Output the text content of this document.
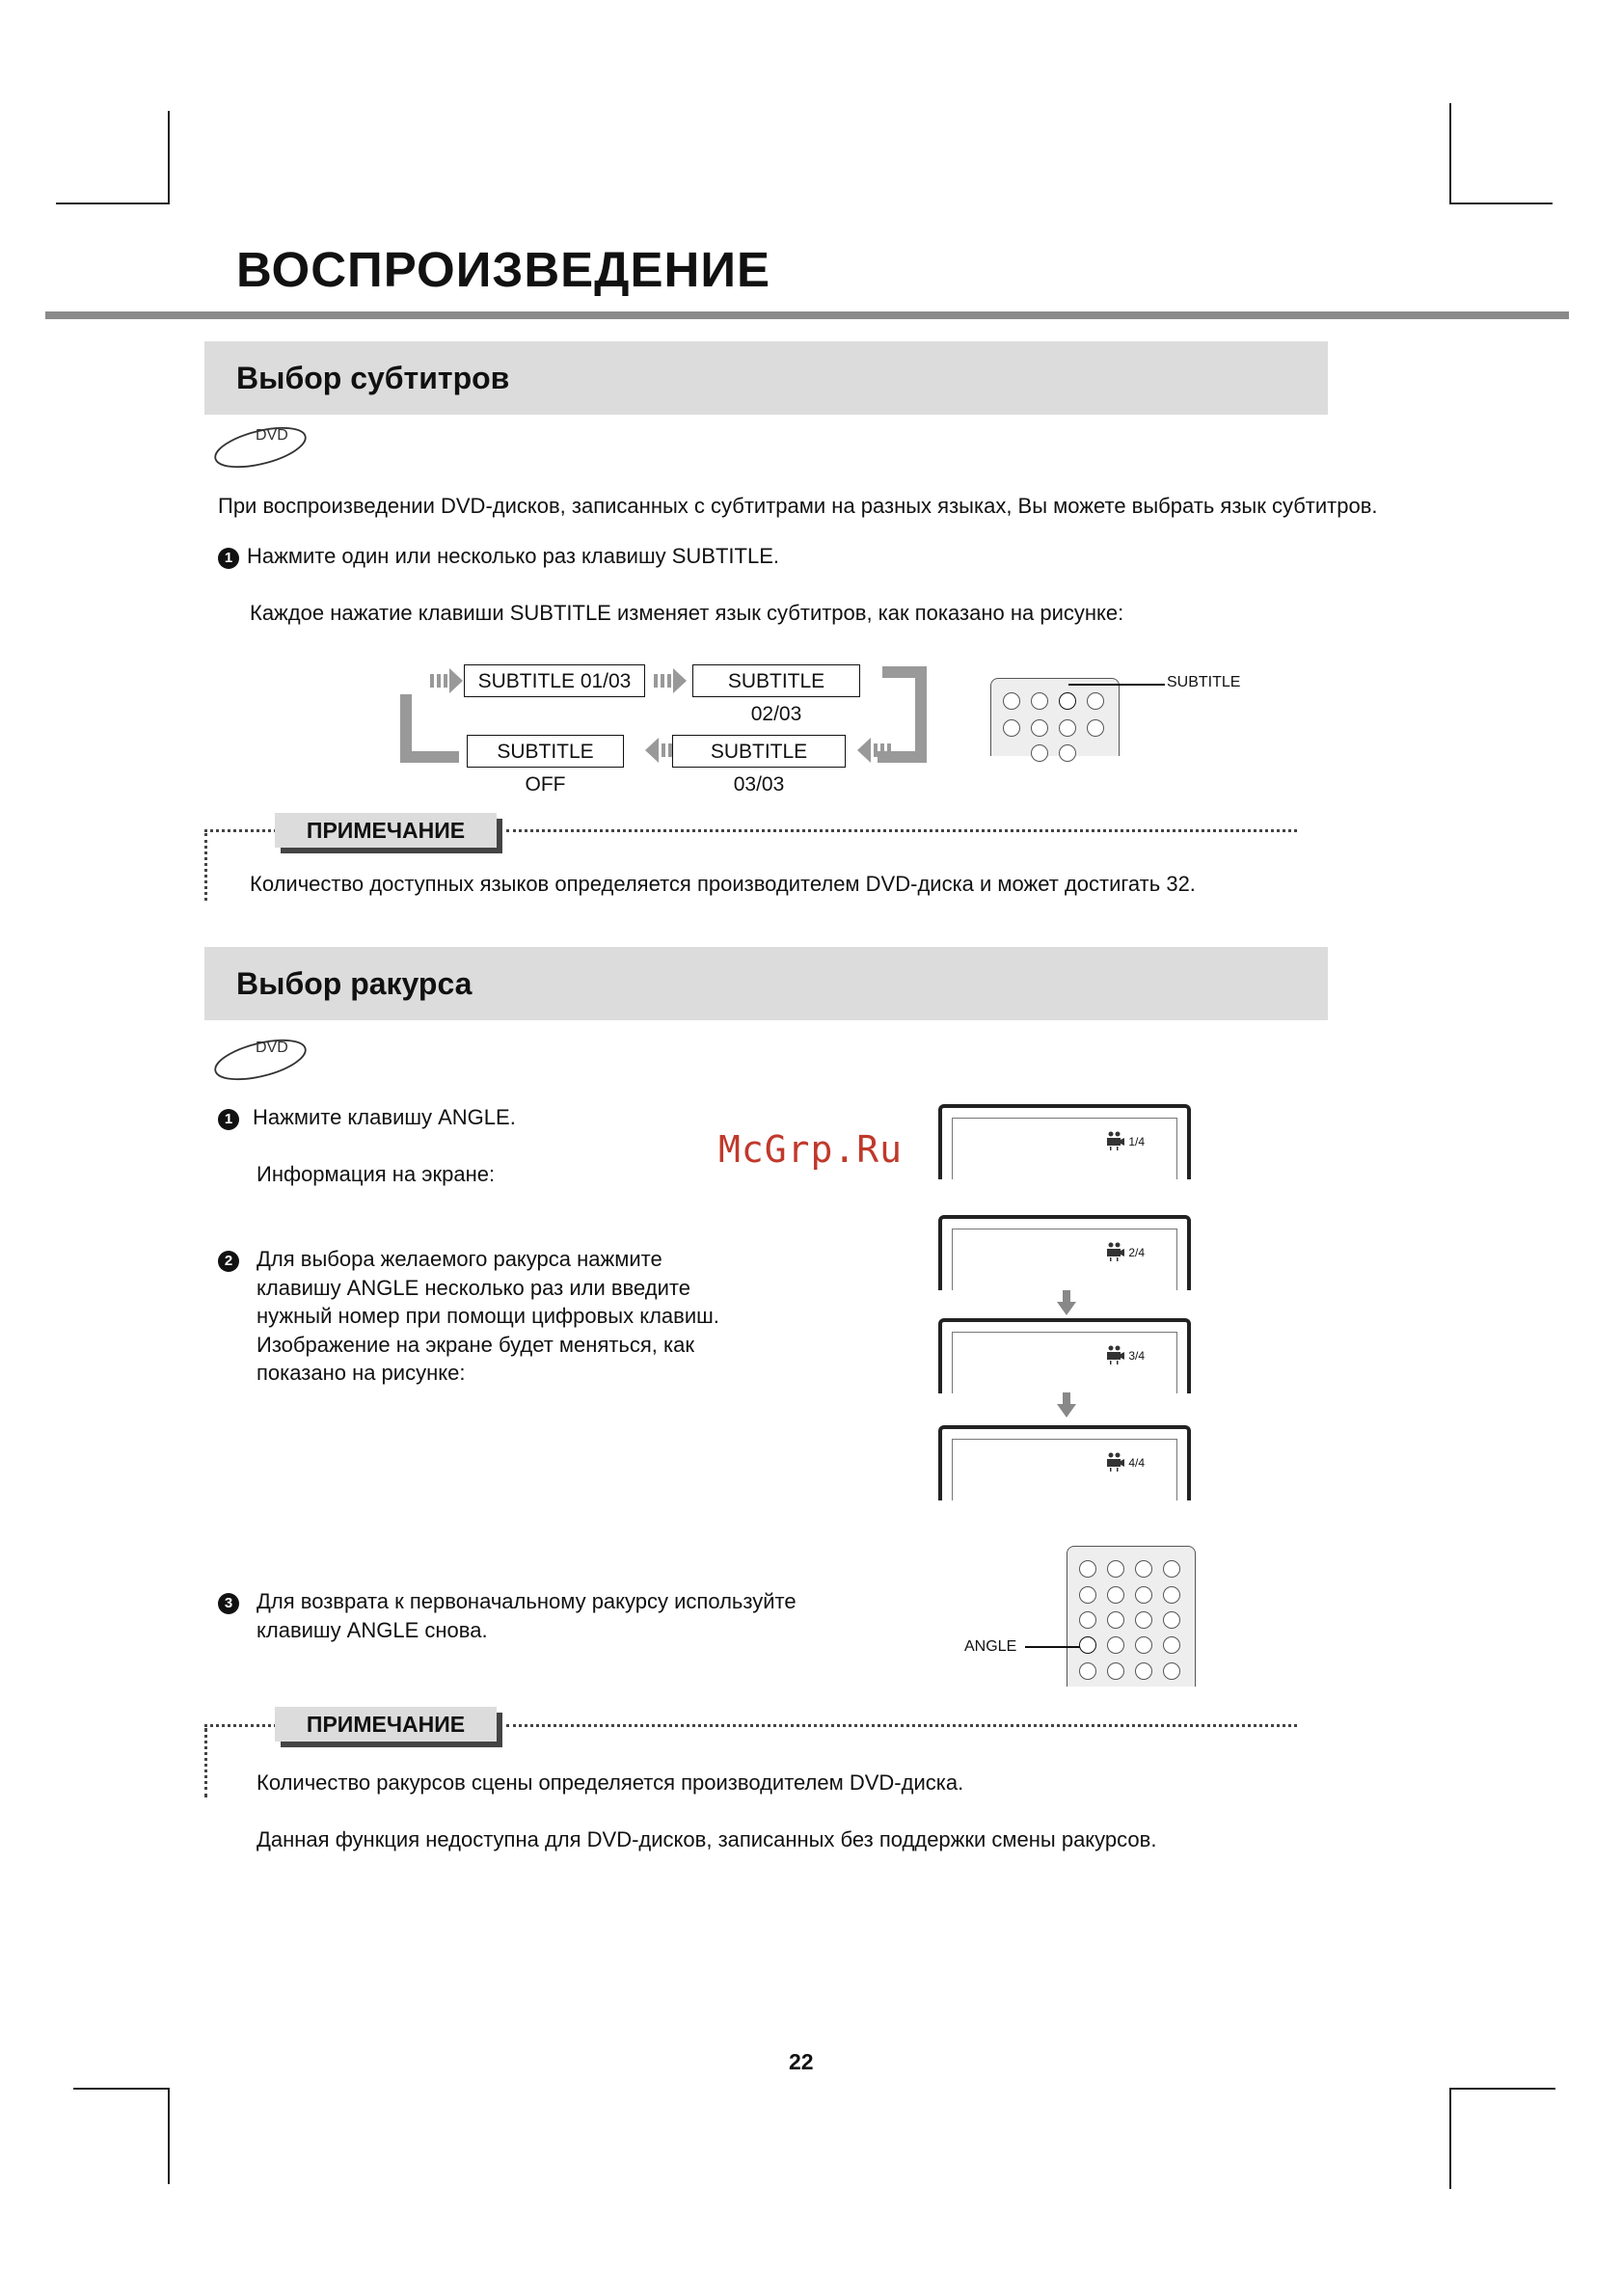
ВОСПРОИЗВЕДЕНИЕ
Выбор субтитров
DVD
При воспроизведении DVD-дисков, записанных с субтитрами на разных языках, Вы можете выбрать язык субтитров.
1 Нажмите один или несколько раз клавишу SUBTITLE.
Каждое нажатие клавиши SUBTITLE изменяет язык субтитров, как показано на рисунке:
SUBTITLE 01/03	SUBTITLE 02/03
SUBTITLE 03/03
SUBTITLE OFF
SUBTITLE
ПРИМЕЧАНИЕ
Количество доступных языков определяется производителем DVD-диска и может достигать 32.
Выбор ракурса
DVD
1 Нажмите клавишу ANGLE.
Информация на экране:
2	Для выбора желаемого ракурса нажмите
клавишу ANGLE несколько раз или введите
нужный номер при помощи цифровых клавиш.
Изображение на экране будет меняться, как
показано на рисунке:
3	Для возврата к первоначальному ракурсу используйте
клавишу ANGLE снова.
1/4
2/4
3/4
4/4
ANGLE
ПРИМЕЧАНИЕ
Количество ракурсов сцены определяется производителем DVD-диска.
Данная функция недоступна для DVD-дисков, записанных без поддержки смены ракурсов.
McGrp.Ru
22
